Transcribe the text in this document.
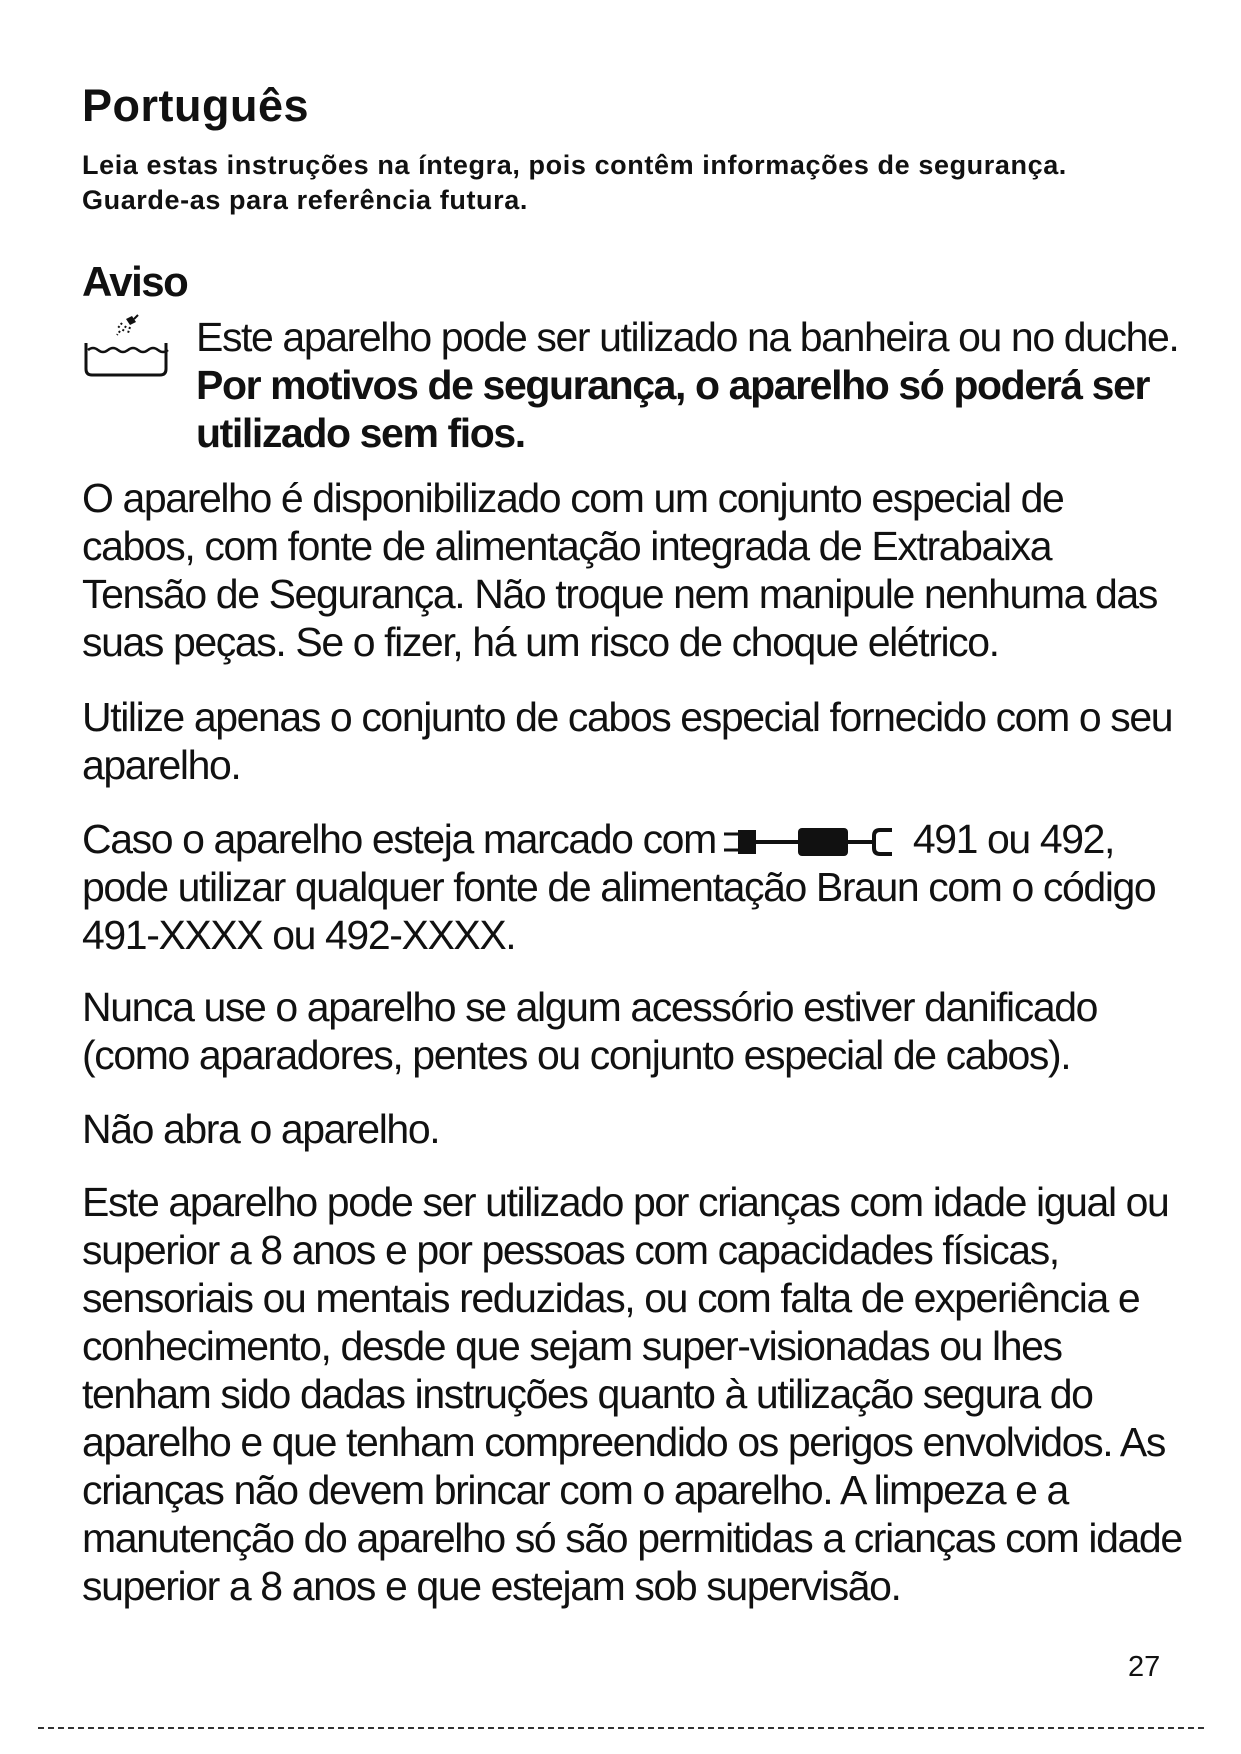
Português
Leia estas instruções na íntegra, pois contêm informações de segurança. Guarde-as para referência futura.
Aviso
Este aparelho pode ser utilizado na banheira ou no duche. Por motivos de segurança, o aparelho só poderá ser utilizado sem fios.
O aparelho é disponibilizado com um conjunto especial de cabos, com fonte de alimentação integrada de Extrabaixa Tensão de Segurança. Não troque nem manipule nenhuma das suas peças. Se o fizer, há um risco de choque elétrico.
Utilize apenas o conjunto de cabos especial fornecido com o seu aparelho.
Caso o aparelho esteja marcado com	491 ou 492, pode utilizar qualquer fonte de alimentação Braun com o código 491-XXXX ou 492-XXXX.
Nunca use o aparelho se algum acessório estiver danificado (como aparadores, pentes ou conjunto especial de cabos).
Não abra o aparelho.
Este aparelho pode ser utilizado por crianças com idade igual ou superior a 8 anos e por pessoas com capacidades físicas, sensoriais ou mentais reduzidas, ou com falta de experiência e conhecimento, desde que sejam super-visionadas ou lhes tenham sido dadas instruções quanto à utilização segura do aparelho e que tenham compreendido os perigos envolvidos. As crianças não devem brincar com o aparelho. A limpeza e a manutenção do aparelho só são permitidas a crianças com idade superior a 8 anos e que estejam sob supervisão.
27
